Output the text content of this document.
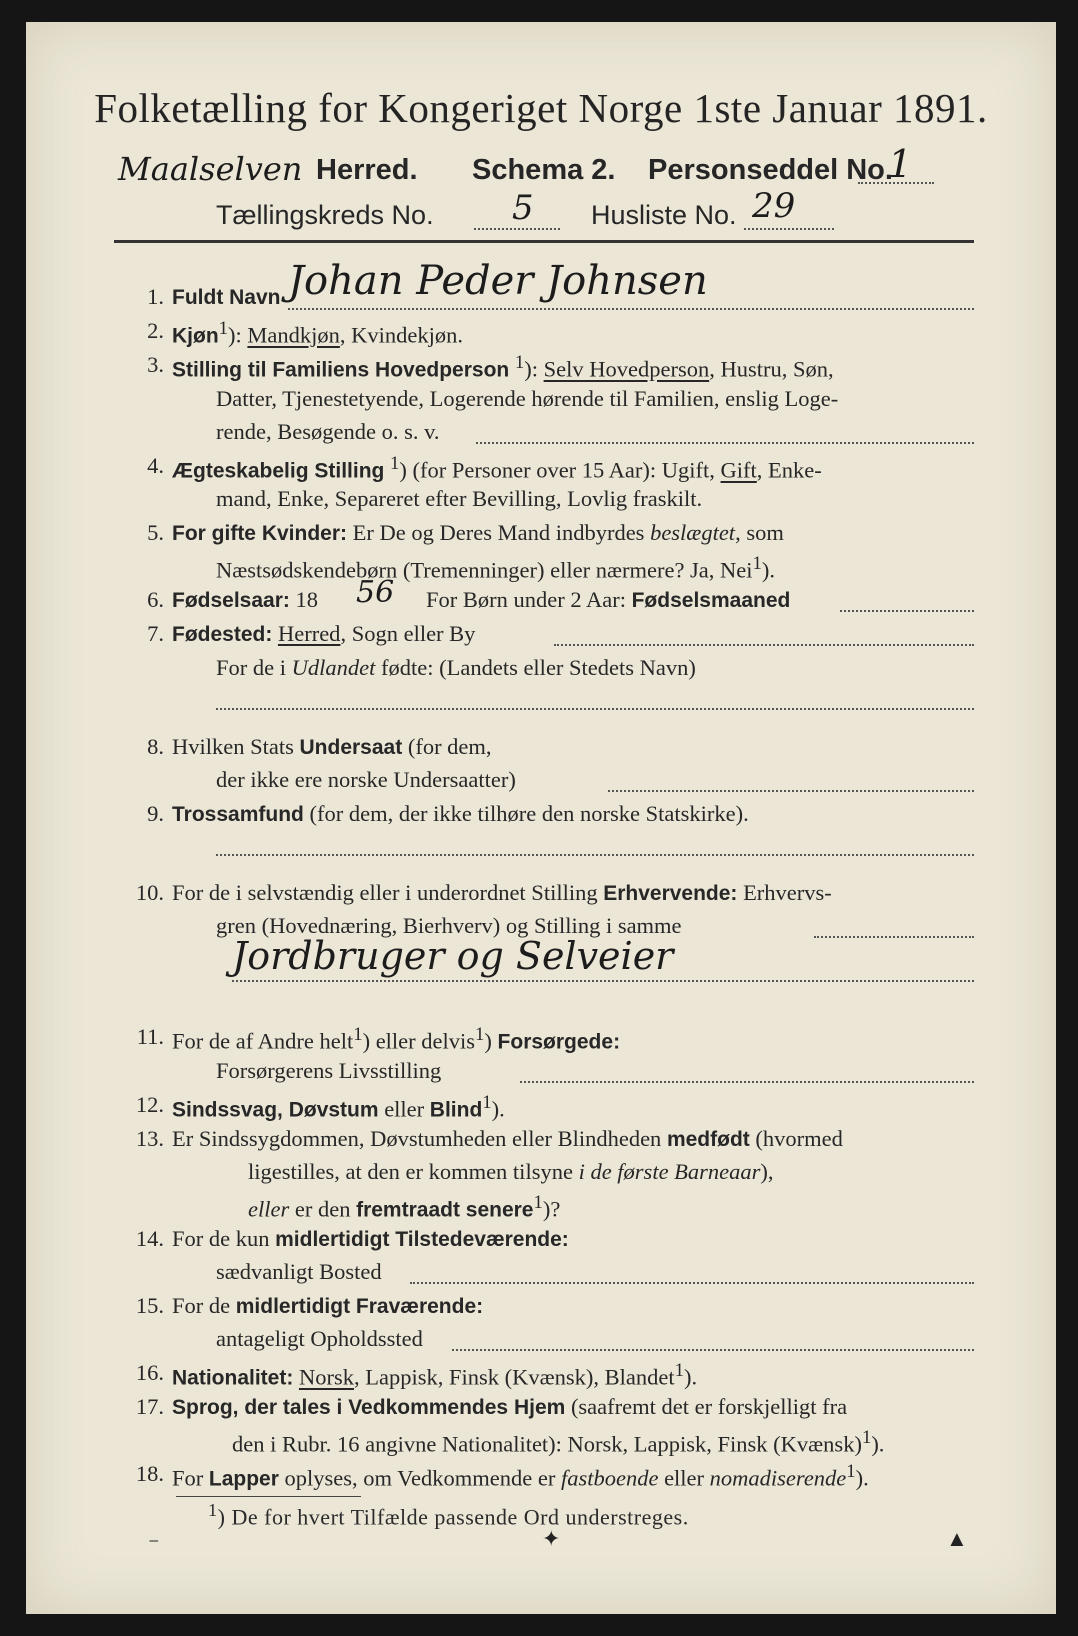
Folketælling for Kongeriget Norge 1ste Januar 1891.
Maalselven Herred. Schema 2. Personseddel No.
1
Tællingskreds No. 5 Husliste No. 29
1. Fuldt Navn Johan Peder Johnsen
2. Kjøn$^1$): Mandkjøn, Kvindekjøn.
3. Stilling til Familiens Hovedperson $^1$): Selv Hovedperson, Hustru, Søn,
Datter, Tjenestetyende, Logerende hørende til Familien, enslig Loge-
rende, Besøgende o. s. v.
4. Ægteskabelig Stilling $^1$) (for Personer over 15 Aar): Ugift, Gift, Enke-
mand, Enke, Separeret efter Bevilling, Lovlig fraskilt.
5. For gifte Kvinder: Er De og Deres Mand indbyrdes beslægtet, som
Næstsødskendebørn (Tremenninger) eller nærmere? Ja, Nei$^1$).
6. Fødselsaar: 18	For Børn under 2 Aar: Fødselsmaaned
56
7. Fødested: Herred, Sogn eller By
For de i Udlandet fødte: (Landets eller Stedets Navn)
8. Hvilken Stats Undersaat (for dem,
der ikke ere norske Undersaatter)
9. Trossamfund (for dem, der ikke tilhøre den norske Statskirke).
10. For de i selvstændig eller i underordnet Stilling Erhvervende: Erhvervs-
gren (Hovednæring, Bierhverv) og Stilling i samme
Jordbruger og Selveier
11. For de af Andre helt$^1$) eller delvis$^1$) Forsørgede:
Forsørgerens Livsstilling
12. Sindssvag, Døvstum eller Blind$^1$).
13. Er Sindssygdommen, Døvstumheden eller Blindheden medfødt (hvormed
ligestilles, at den er kommen tilsyne i de første Barneaar),
eller er den fremtraadt senere$^1$)?
14. For de kun midlertidigt Tilstedeværende:
sædvanligt Bosted
15. For de midlertidigt Fraværende:
antageligt Opholdssted
16. Nationalitet: Norsk, Lappisk, Finsk (Kvænsk), Blandet$^1$).
17. Sprog, der tales i Vedkommendes Hjem (saafremt det er forskjelligt fra
den i Rubr. 16 angivne Nationalitet): Norsk, Lappisk, Finsk (Kvænsk)$^1$).
18. For Lapper oplyses, om Vedkommende er fastboende eller nomadiserende$^1$).
$^1$) De for hvert Tilfælde passende Ord understreges.
⁻	✦	▲
